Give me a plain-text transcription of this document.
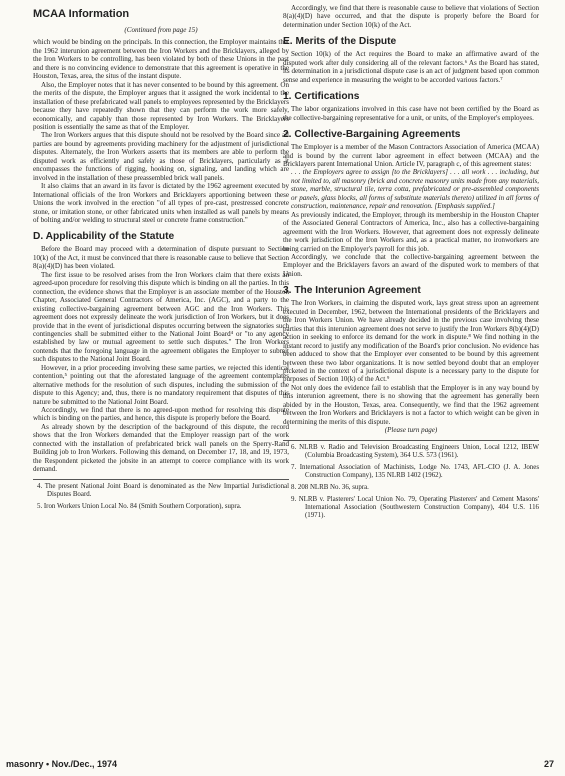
MCAA Information

(Continued from page 15)

which would be binding on the principals. In this connection, the Employer maintains that the 1962 interunion agreement between the Iron Workers and the Bricklayers, alleged by the Iron Workers to be controlling, has been violated by both of these Unions in the past and there is no convincing evidence to demonstrate that this agreement is operative in the Houston, Texas, area, the situs of the instant dispute.

Also, the Employer notes that it has never consented to be bound by this agreement. On the merits of the dispute, the Employer argues that it assigned the work incidental to the installation of these prefabricated wall panels to employees represented by the Bricklayers because they have repeatedly shown that they can perform the work more safely, economically, and capably than those represented by Iron Workers. The Bricklayers position is essentially the same as that of the Employer.

The Iron Workers argues that this dispute should not be resolved by the Board since all parties are bound by agreements providing machinery for the adjustment of jurisdictional disputes. Alternately, the Iron Workers asserts that its members are able to perform the disputed work as efficiently and safely as those of Bricklayers, particularly as it encompasses the functions of rigging, hooking on, signaling, and landing which are involved in the installation of these preassembled brick wall panels.

It also claims that an award in its favor is dictated by the 1962 agreement executed by International officials of the Iron Workers and Bricklayers apportioning between these Unions the work involved in the erection "of all types of pre-cast, prestressed concrete stone, or imitation stone, or other fabricated units when installed as wall panels by means of bolting and/or welding to structural steel or concrete frame construction."

D. Applicability of the Statute

Before the Board may proceed with a determination of dispute pursuant to Section 10(k) of the Act, it must be convinced that there is reasonable cause to believe that Section 8(a)(4)(D) has been violated.

The first issue to be resolved arises from the Iron Workers claim that there exists an agreed-upon procedure for resolving this dispute which is binding on all the parties. In this connection, the evidence shows that the Employer is an associate member of the Houston Chapter, Associated General Contractors of America, Inc. (AGC), and a party to the existing collective-bargaining agreement between AGC and the Iron Workers. This agreement does not expressly delineate the work jurisdiction of Iron Workers, but it does provide that in the event of jurisdictional disputes occurring between the signatories such contingencies shall be submitted either to the National Joint Board⁴ or "to any agency established by law or mutual agreement to settle such disputes." The Iron Workers contends that the foregoing language in the agreement obligates the Employer to submit such disputes to the National Joint Board.

However, in a prior proceeding involving these same parties, we rejected this identical contention,⁵ pointing out that the aforestated language of the agreement contemplates alternative methods for the resolution of such disputes, including the submission of the dispute to this Agency; and, thus, there is no mandatory requirement that disputes of this nature be submitted to the National Joint Board.

Accordingly, we find that there is no agreed-upon method for resolving this dispute which is binding on the parties, and hence, this dispute is properly before the Board.

As already shown by the description of the background of this dispute, the record shows that the Iron Workers demanded that the Employer reassign part of the work connected with the installation of prefabricated brick wall panels on the Sperry-Rand Building job to Iron Workers. Following this demand, on December 17, 18, and 19, 1973, the Respondent picketed the jobsite in an attempt to coerce compliance with its work demand.

4. The present National Joint Board is denominated as the New Impartial Jurisdictional Disputes Board.

5. Iron Workers Union Local No. 84 (Smith Southern Corporation), supra.

Accordingly, we find that there is reasonable cause to believe that violations of Section 8(a)(4)(D) have occurred, and that the dispute is properly before the Board for determination under Section 10(k) of the Act.

E. Merits of the Dispute

Section 10(k) of the Act requires the Board to make an affirmative award of the disputed work after duly considering all of the relevant factors.⁶ As the Board has stated, its determination in a jurisdictional dispute case is an act of judgment based upon common sense and experience in measuring the weight to be accorded various factors.⁷

1. Certifications

The labor organizations involved in this case have not been certified by the Board as the collective-bargaining representative for a unit, or units, of the Employer's employees.

2. Collective-Bargaining Agreements

The Employer is a member of the Mason Contractors Association of America (MCAA) and is bound by the current labor agreement in effect between (MCAA) and the Bricklayers parent International Union. Article IV, paragraph c, of this agreement states:

. . . the Employers agree to assign [to the Bricklayers] . . . all work . . . including, but not limited to, all masonry (brick and concrete masonry units made from any materials, stone, marble, structural tile, terra cotta, prefabricated or pre-assembled components or panels, glass blocks, all forms of substitute materials thereto) utilized in all forms of construction, maintenance, repair and renovation. [Emphasis supplied.]

As previously indicated, the Employer, through its membership in the Houston Chapter of the Associated General Contractors of America, Inc., also has a collective-bargaining agreement with the Iron Workers. However, that agreement does not expressly delineate the work jurisdiction of the Iron Workers and, as a practical matter, no ironworkers are being carried on the Employer's payroll for this job.

Accordingly, we conclude that the collective-bargaining agreement between the Employer and the Bricklayers favors an award of the disputed work to members of that Union.

3. The Interunion Agreement

The Iron Workers, in claiming the disputed work, lays great stress upon an agreement executed in December, 1962, between the International presidents of the Bricklayers and the Iron Workers Union. We have already decided in the previous case involving these parties that this interunion agreement does not serve to justify the Iron Workers 8(b)(4)(D) action in seeking to enforce its demand for the work in dispute.⁸ We find nothing in the instant record to justify any modification of the Board's prior conclusion. No evidence has been adduced to show that the Employer ever consented to be bound by this agreement between these two labor organizations. It is now settled beyond doubt that an employer picketed in the context of a jurisdictional dispute is a necessary party to the dispute for purposes of Section 10(k) of the Act.⁹

Not only does the evidence fail to establish that the Employer is in any way bound by this interunion agreement, there is no showing that the agreement has generally been abided by in the Houston, Texas, area. Consequently, we find that the 1962 agreement between the Iron Workers and Bricklayers is not a factor to which weight can be given in determining the merits of this dispute.

(Please turn page)

6. NLRB v. Radio and Television Broadcasting Engineers Union, Local 1212, IBEW (Columbia Broadcasting System), 364 U.S. 573 (1961).

7. International Association of Machinists, Lodge No. 1743, AFL-CIO (J. A. Jones Construction Company), 135 NLRB 1402 (1962).

8. 208 NLRB No. 36, supra.

9. NLRB v. Plasterers' Local Union No. 79, Operating Plasterers' and Cement Masons' International Association (Southwestern Construction Company), 404 U.S. 116 (1971).

masonry • Nov./Dec., 1974	27
